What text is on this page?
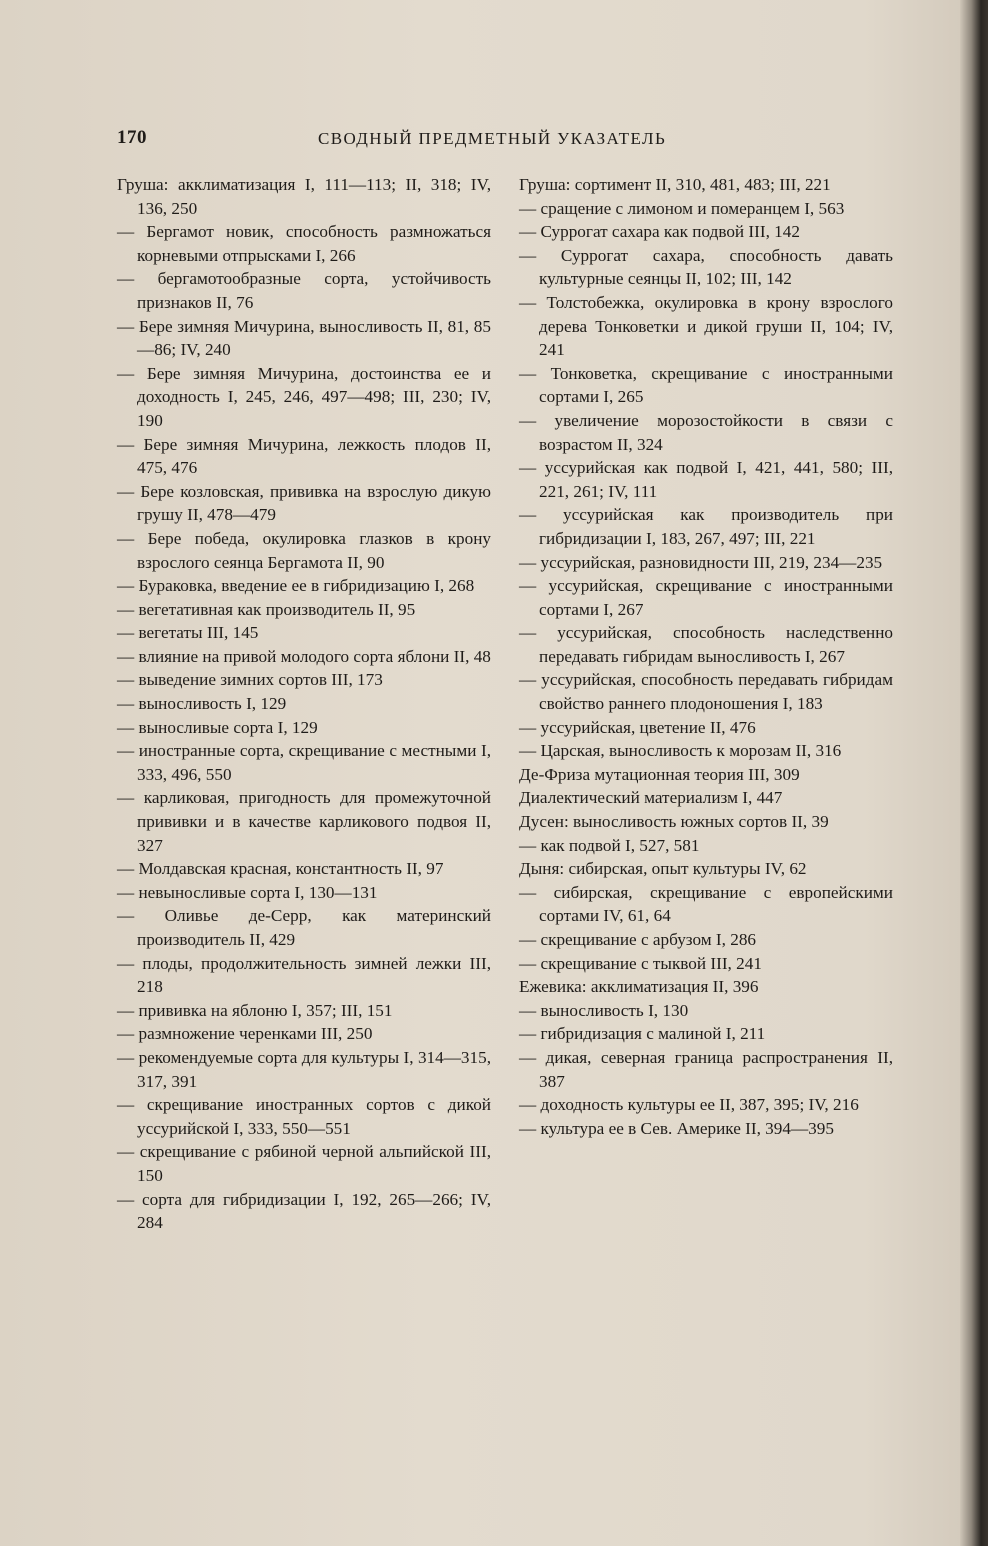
170	СВОДНЫЙ ПРЕДМЕТНЫЙ УКАЗАТЕЛЬ

Груша: акклиматизация I, 111—113; II, 318; IV, 136, 250

— Бергамот новик, способность размножаться корневыми отпрысками I, 266

— бергамотообразные сорта, устойчивость признаков II, 76

— Бере зимняя Мичурина, выносливость II, 81, 85—86; IV, 240

— Бере зимняя Мичурина, достоинства ее и доходность I, 245, 246, 497—498; III, 230; IV, 190

— Бере зимняя Мичурина, лежкость плодов II, 475, 476

— Бере козловская, прививка на взрослую дикую грушу II, 478—479

— Бере победа, окулировка глазков в крону взрослого сеянца Бергамота II, 90

— Бураковка, введение ее в гибридизацию I, 268

— вегетативная как производитель II, 95

— вегетаты III, 145

— влияние на привой молодого сорта яблони II, 48

— выведение зимних сортов III, 173

— выносливость I, 129

— выносливые сорта I, 129

— иностранные сорта, скрещивание с местными I, 333, 496, 550

— карликовая, пригодность для промежуточной прививки и в качестве карликового подвоя II, 327

— Молдавская красная, константность II, 97

— невыносливые сорта I, 130—131

— Оливье де-Серр, как материнский производитель II, 429

— плоды, продолжительность зимней лежки III, 218

— прививка на яблоню I, 357; III, 151

— размножение черенками III, 250

— рекомендуемые сорта для культуры I, 314—315, 317, 391

— скрещивание иностранных сортов с дикой уссурийской I, 333, 550—551

— скрещивание с рябиной черной альпийской III, 150

— сорта для гибридизации I, 192, 265—266; IV, 284

Груша: сортимент II, 310, 481, 483; III, 221

— сращение с лимоном и померанцем I, 563

— Суррогат сахара как подвой III, 142

— Суррогат сахара, способность давать культурные сеянцы II, 102; III, 142

— Толстобежка, окулировка в крону взрослого дерева Тонковетки и дикой груши II, 104; IV, 241

— Тонковетка, скрещивание с иностранными сортами I, 265

— увеличение морозостойкости в связи с возрастом II, 324

— уссурийская как подвой I, 421, 441, 580; III, 221, 261; IV, 111

— уссурийская как производитель при гибридизации I, 183, 267, 497; III, 221

— уссурийская, разновидности III, 219, 234—235

— уссурийская, скрещивание с иностранными сортами I, 267

— уссурийская, способность наследственно передавать гибридам выносливость I, 267

— уссурийская, способность передавать гибридам свойство раннего плодоношения I, 183

— уссурийская, цветение II, 476

— Царская, выносливость к морозам II, 316

Де-Фриза мутационная теория III, 309

Диалектический материализм I, 447

Дусен: выносливость южных сортов II, 39

— как подвой I, 527, 581

Дыня: сибирская, опыт культуры IV, 62

— сибирская, скрещивание с европейскими сортами IV, 61, 64

— скрещивание с арбузом I, 286

— скрещивание с тыквой III, 241

Ежевика: акклиматизация II, 396

— выносливость I, 130

— гибридизация с малиной I, 211

— дикая, северная граница распространения II, 387

— доходность культуры ее II, 387, 395; IV, 216

— культура ее в Сев. Америке II, 394—395
